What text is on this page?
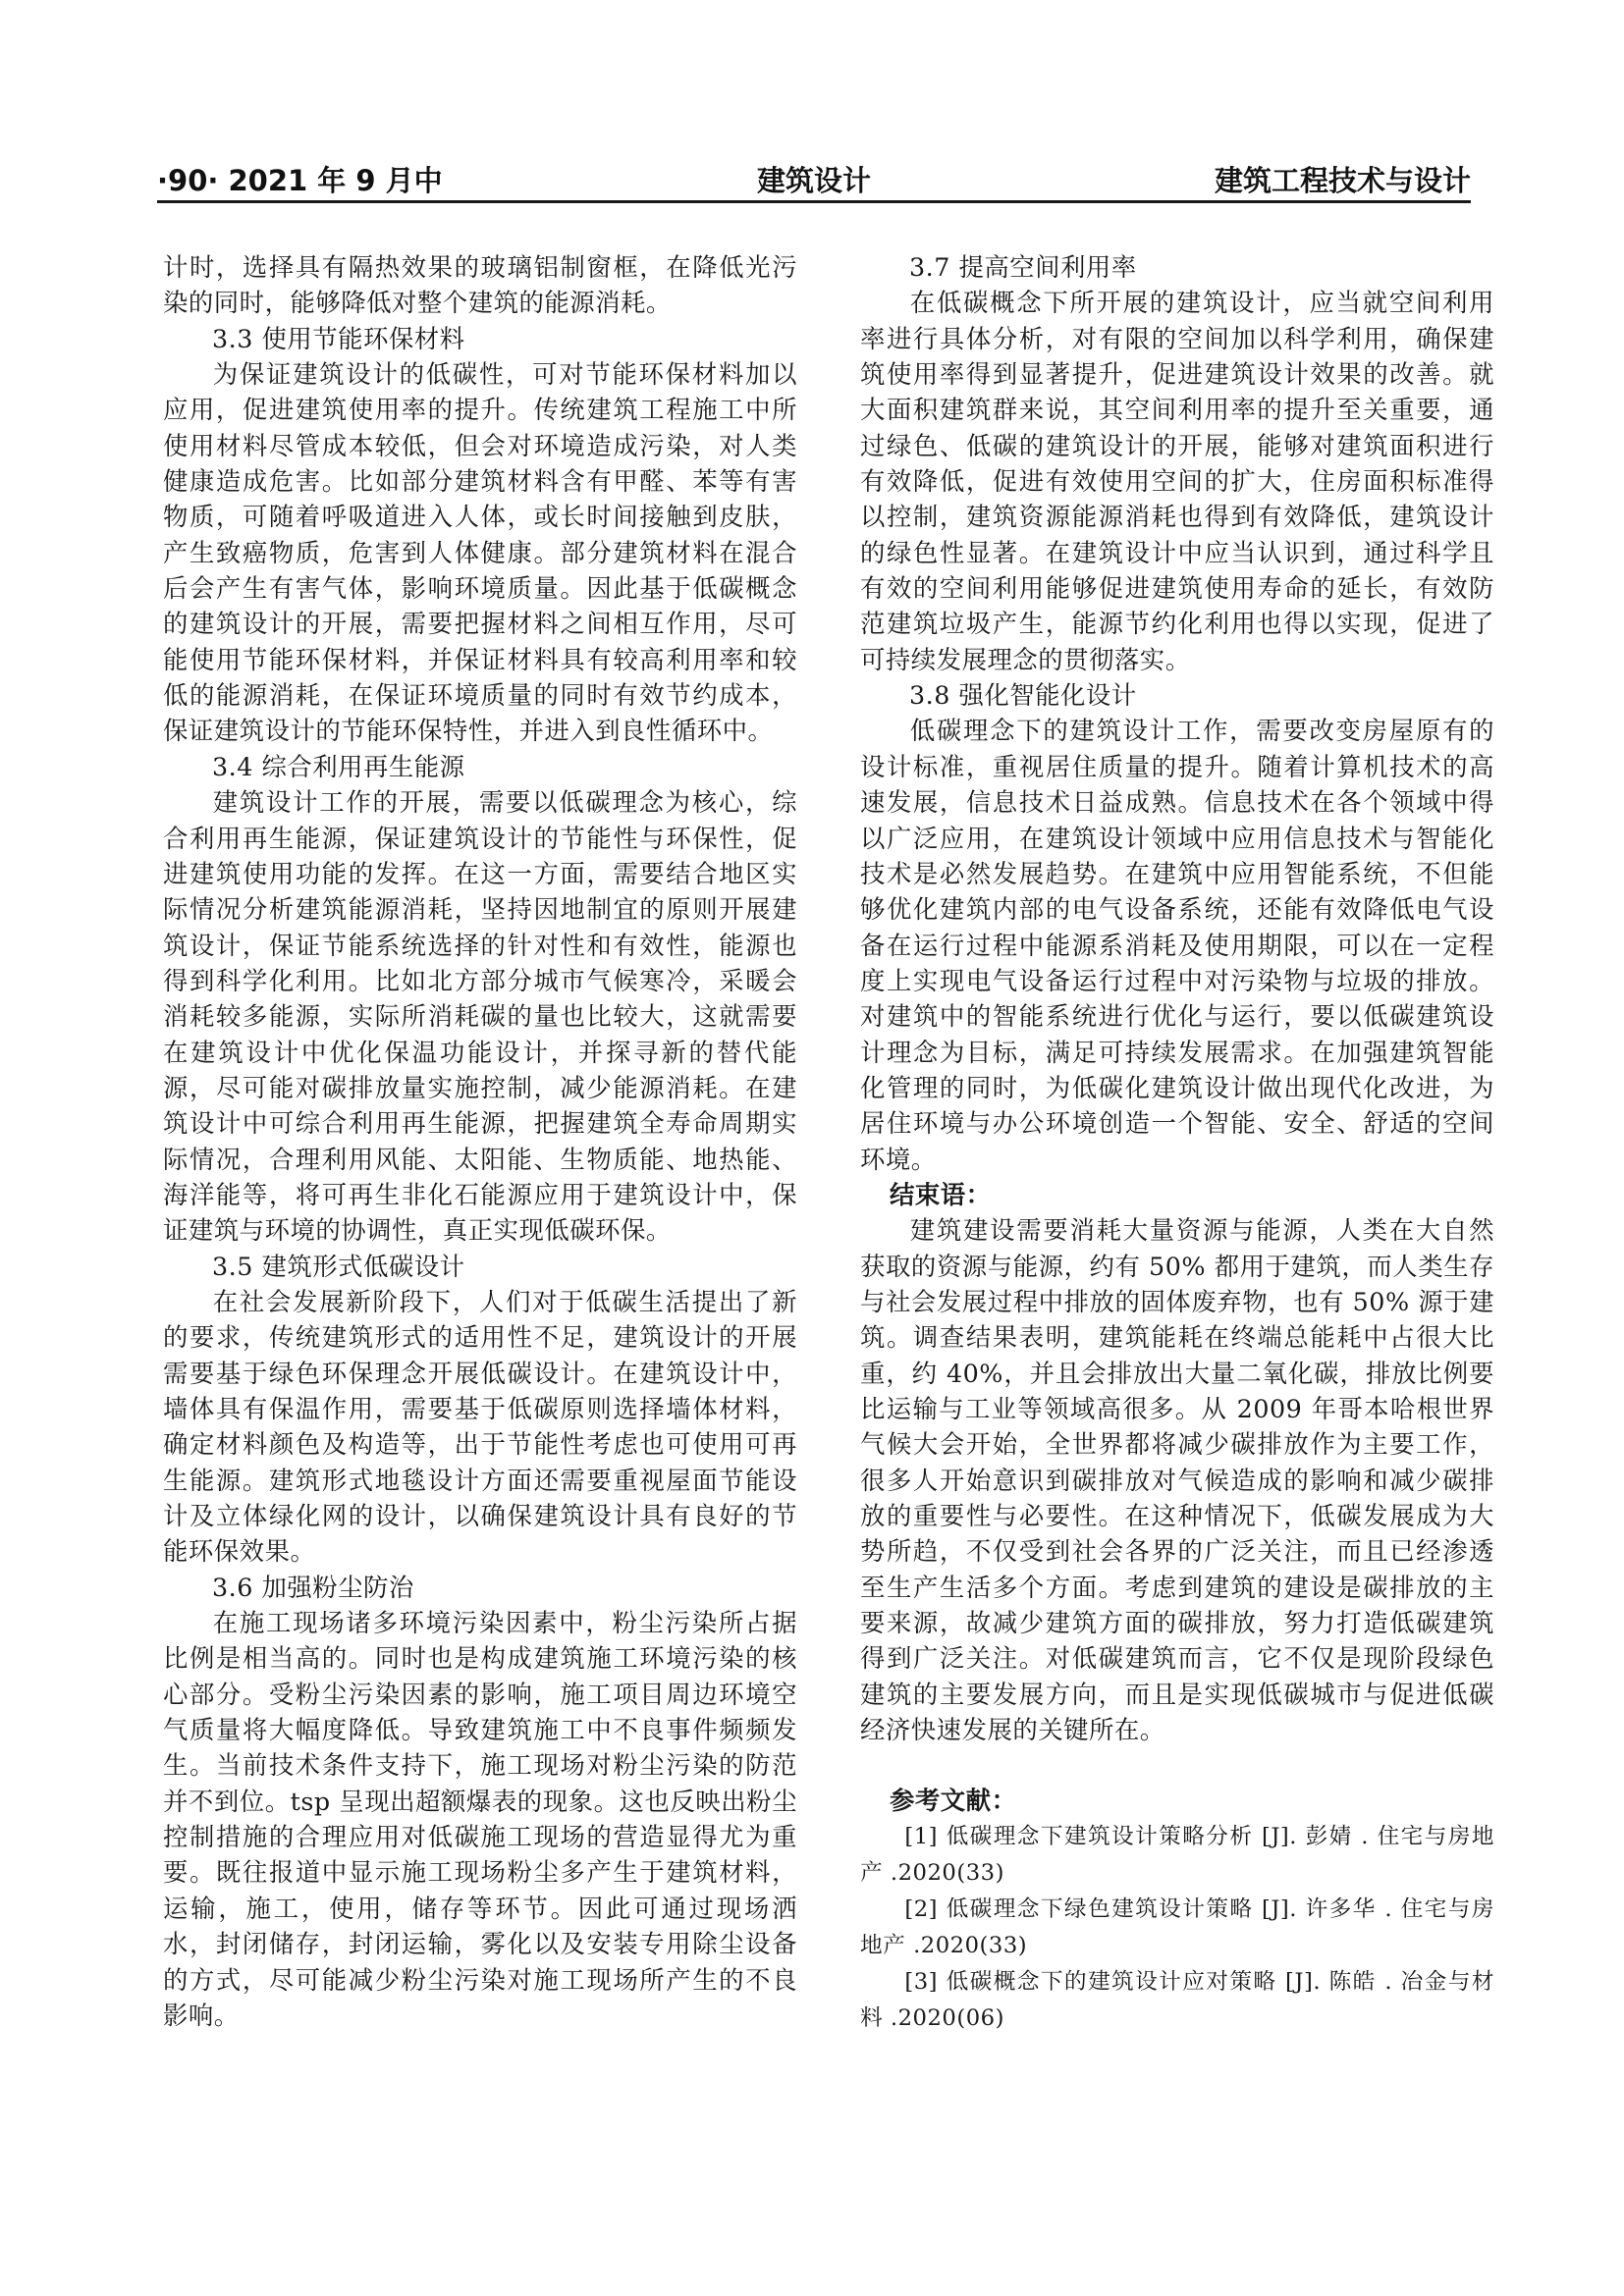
·90· 2021 年 9 月中	建筑设计	建筑工程技术与设计

计时，选择具有隔热效果的玻璃铝制窗框，在降低光污染的同时，能够降低对整个建筑的能源消耗。

3.3 使用节能环保材料

为保证建筑设计的低碳性，可对节能环保材料加以应用，促进建筑使用率的提升。传统建筑工程施工中所使用材料尽管成本较低，但会对环境造成污染，对人类健康造成危害。比如部分建筑材料含有甲醛、苯等有害物质，可随着呼吸道进入人体，或长时间接触到皮肤，产生致癌物质，危害到人体健康。部分建筑材料在混合后会产生有害气体，影响环境质量。因此基于低碳概念的建筑设计的开展，需要把握材料之间相互作用，尽可能使用节能环保材料，并保证材料具有较高利用率和较低的能源消耗，在保证环境质量的同时有效节约成本，保证建筑设计的节能环保特性，并进入到良性循环中。

3.4 综合利用再生能源

建筑设计工作的开展，需要以低碳理念为核心，综合利用再生能源，保证建筑设计的节能性与环保性，促进建筑使用功能的发挥。在这一方面，需要结合地区实际情况分析建筑能源消耗，坚持因地制宜的原则开展建筑设计，保证节能系统选择的针对性和有效性，能源也得到科学化利用。比如北方部分城市气候寒冷，采暖会消耗较多能源，实际所消耗碳的量也比较大，这就需要在建筑设计中优化保温功能设计，并探寻新的替代能源，尽可能对碳排放量实施控制，减少能源消耗。在建筑设计中可综合利用再生能源，把握建筑全寿命周期实际情况，合理利用风能、太阳能、生物质能、地热能、海洋能等，将可再生非化石能源应用于建筑设计中，保证建筑与环境的协调性，真正实现低碳环保。

3.5 建筑形式低碳设计

在社会发展新阶段下，人们对于低碳生活提出了新的要求，传统建筑形式的适用性不足，建筑设计的开展需要基于绿色环保理念开展低碳设计。在建筑设计中，墙体具有保温作用，需要基于低碳原则选择墙体材料，确定材料颜色及构造等，出于节能性考虑也可使用可再生能源。建筑形式地毯设计方面还需要重视屋面节能设计及立体绿化网的设计，以确保建筑设计具有良好的节能环保效果。

3.6 加强粉尘防治

在施工现场诸多环境污染因素中，粉尘污染所占据比例是相当高的。同时也是构成建筑施工环境污染的核心部分。受粉尘污染因素的影响，施工项目周边环境空气质量将大幅度降低。导致建筑施工中不良事件频频发生。当前技术条件支持下，施工现场对粉尘污染的防范并不到位。tsp 呈现出超额爆表的现象。这也反映出粉尘控制措施的合理应用对低碳施工现场的营造显得尤为重要。既往报道中显示施工现场粉尘多产生于建筑材料，运输，施工，使用，储存等环节。因此可通过现场洒水，封闭储存，封闭运输，雾化以及安装专用除尘设备的方式，尽可能减少粉尘污染对施工现场所产生的不良影响。

3.7 提高空间利用率

在低碳概念下所开展的建筑设计，应当就空间利用率进行具体分析，对有限的空间加以科学利用，确保建筑使用率得到显著提升，促进建筑设计效果的改善。就大面积建筑群来说，其空间利用率的提升至关重要，通过绿色、低碳的建筑设计的开展，能够对建筑面积进行有效降低，促进有效使用空间的扩大，住房面积标准得以控制，建筑资源能源消耗也得到有效降低，建筑设计的绿色性显著。在建筑设计中应当认识到，通过科学且有效的空间利用能够促进建筑使用寿命的延长，有效防范建筑垃圾产生，能源节约化利用也得以实现，促进了可持续发展理念的贯彻落实。

3.8 强化智能化设计

低碳理念下的建筑设计工作，需要改变房屋原有的设计标准，重视居住质量的提升。随着计算机技术的高速发展，信息技术日益成熟。信息技术在各个领域中得以广泛应用，在建筑设计领域中应用信息技术与智能化技术是必然发展趋势。在建筑中应用智能系统，不但能够优化建筑内部的电气设备系统，还能有效降低电气设备在运行过程中能源系消耗及使用期限，可以在一定程度上实现电气设备运行过程中对污染物与垃圾的排放。对建筑中的智能系统进行优化与运行，要以低碳建筑设计理念为目标，满足可持续发展需求。在加强建筑智能化管理的同时，为低碳化建筑设计做出现代化改进，为居住环境与办公环境创造一个智能、安全、舒适的空间环境。

结束语：

建筑建设需要消耗大量资源与能源，人类在大自然获取的资源与能源，约有 50% 都用于建筑，而人类生存与社会发展过程中排放的固体废弃物，也有 50% 源于建筑。调查结果表明，建筑能耗在终端总能耗中占很大比重，约 40%，并且会排放出大量二氧化碳，排放比例要比运输与工业等领域高很多。从 2009 年哥本哈根世界气候大会开始，全世界都将减少碳排放作为主要工作，很多人开始意识到碳排放对气候造成的影响和减少碳排放的重要性与必要性。在这种情况下，低碳发展成为大势所趋，不仅受到社会各界的广泛关注，而且已经渗透至生产生活多个方面。考虑到建筑的建设是碳排放的主要来源，故减少建筑方面的碳排放，努力打造低碳建筑得到广泛关注。对低碳建筑而言，它不仅是现阶段绿色建筑的主要发展方向，而且是实现低碳城市与促进低碳经济快速发展的关键所在。

参考文献：

[1] 低碳理念下建筑设计策略分析 [J]. 彭婧 . 住宅与房地产 .2020(33)

[2] 低碳理念下绿色建筑设计策略 [J]. 许多华 . 住宅与房地产 .2020(33)

[3] 低碳概念下的建筑设计应对策略 [J]. 陈皓 . 冶金与材料 .2020(06)
